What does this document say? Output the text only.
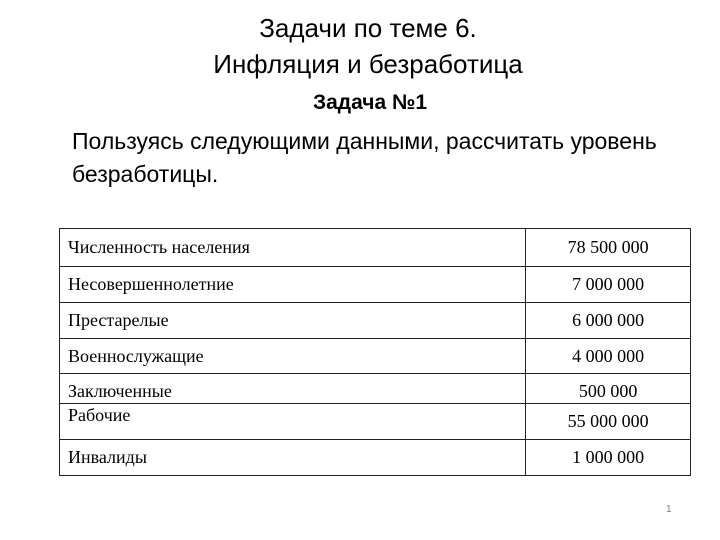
Задачи по теме 6.
Инфляция и безработица
Задача №1
Пользуясь следующими данными, рассчитать уровень безработицы.
Численность населения	78 500 000
Несовершеннолетние	7 000 000
Престарелые	6 000 000
Военнослужащие	4 000 000
Заключенные	500 000
Рабочие	55 000 000
Инвалиды	1 000 000
1
